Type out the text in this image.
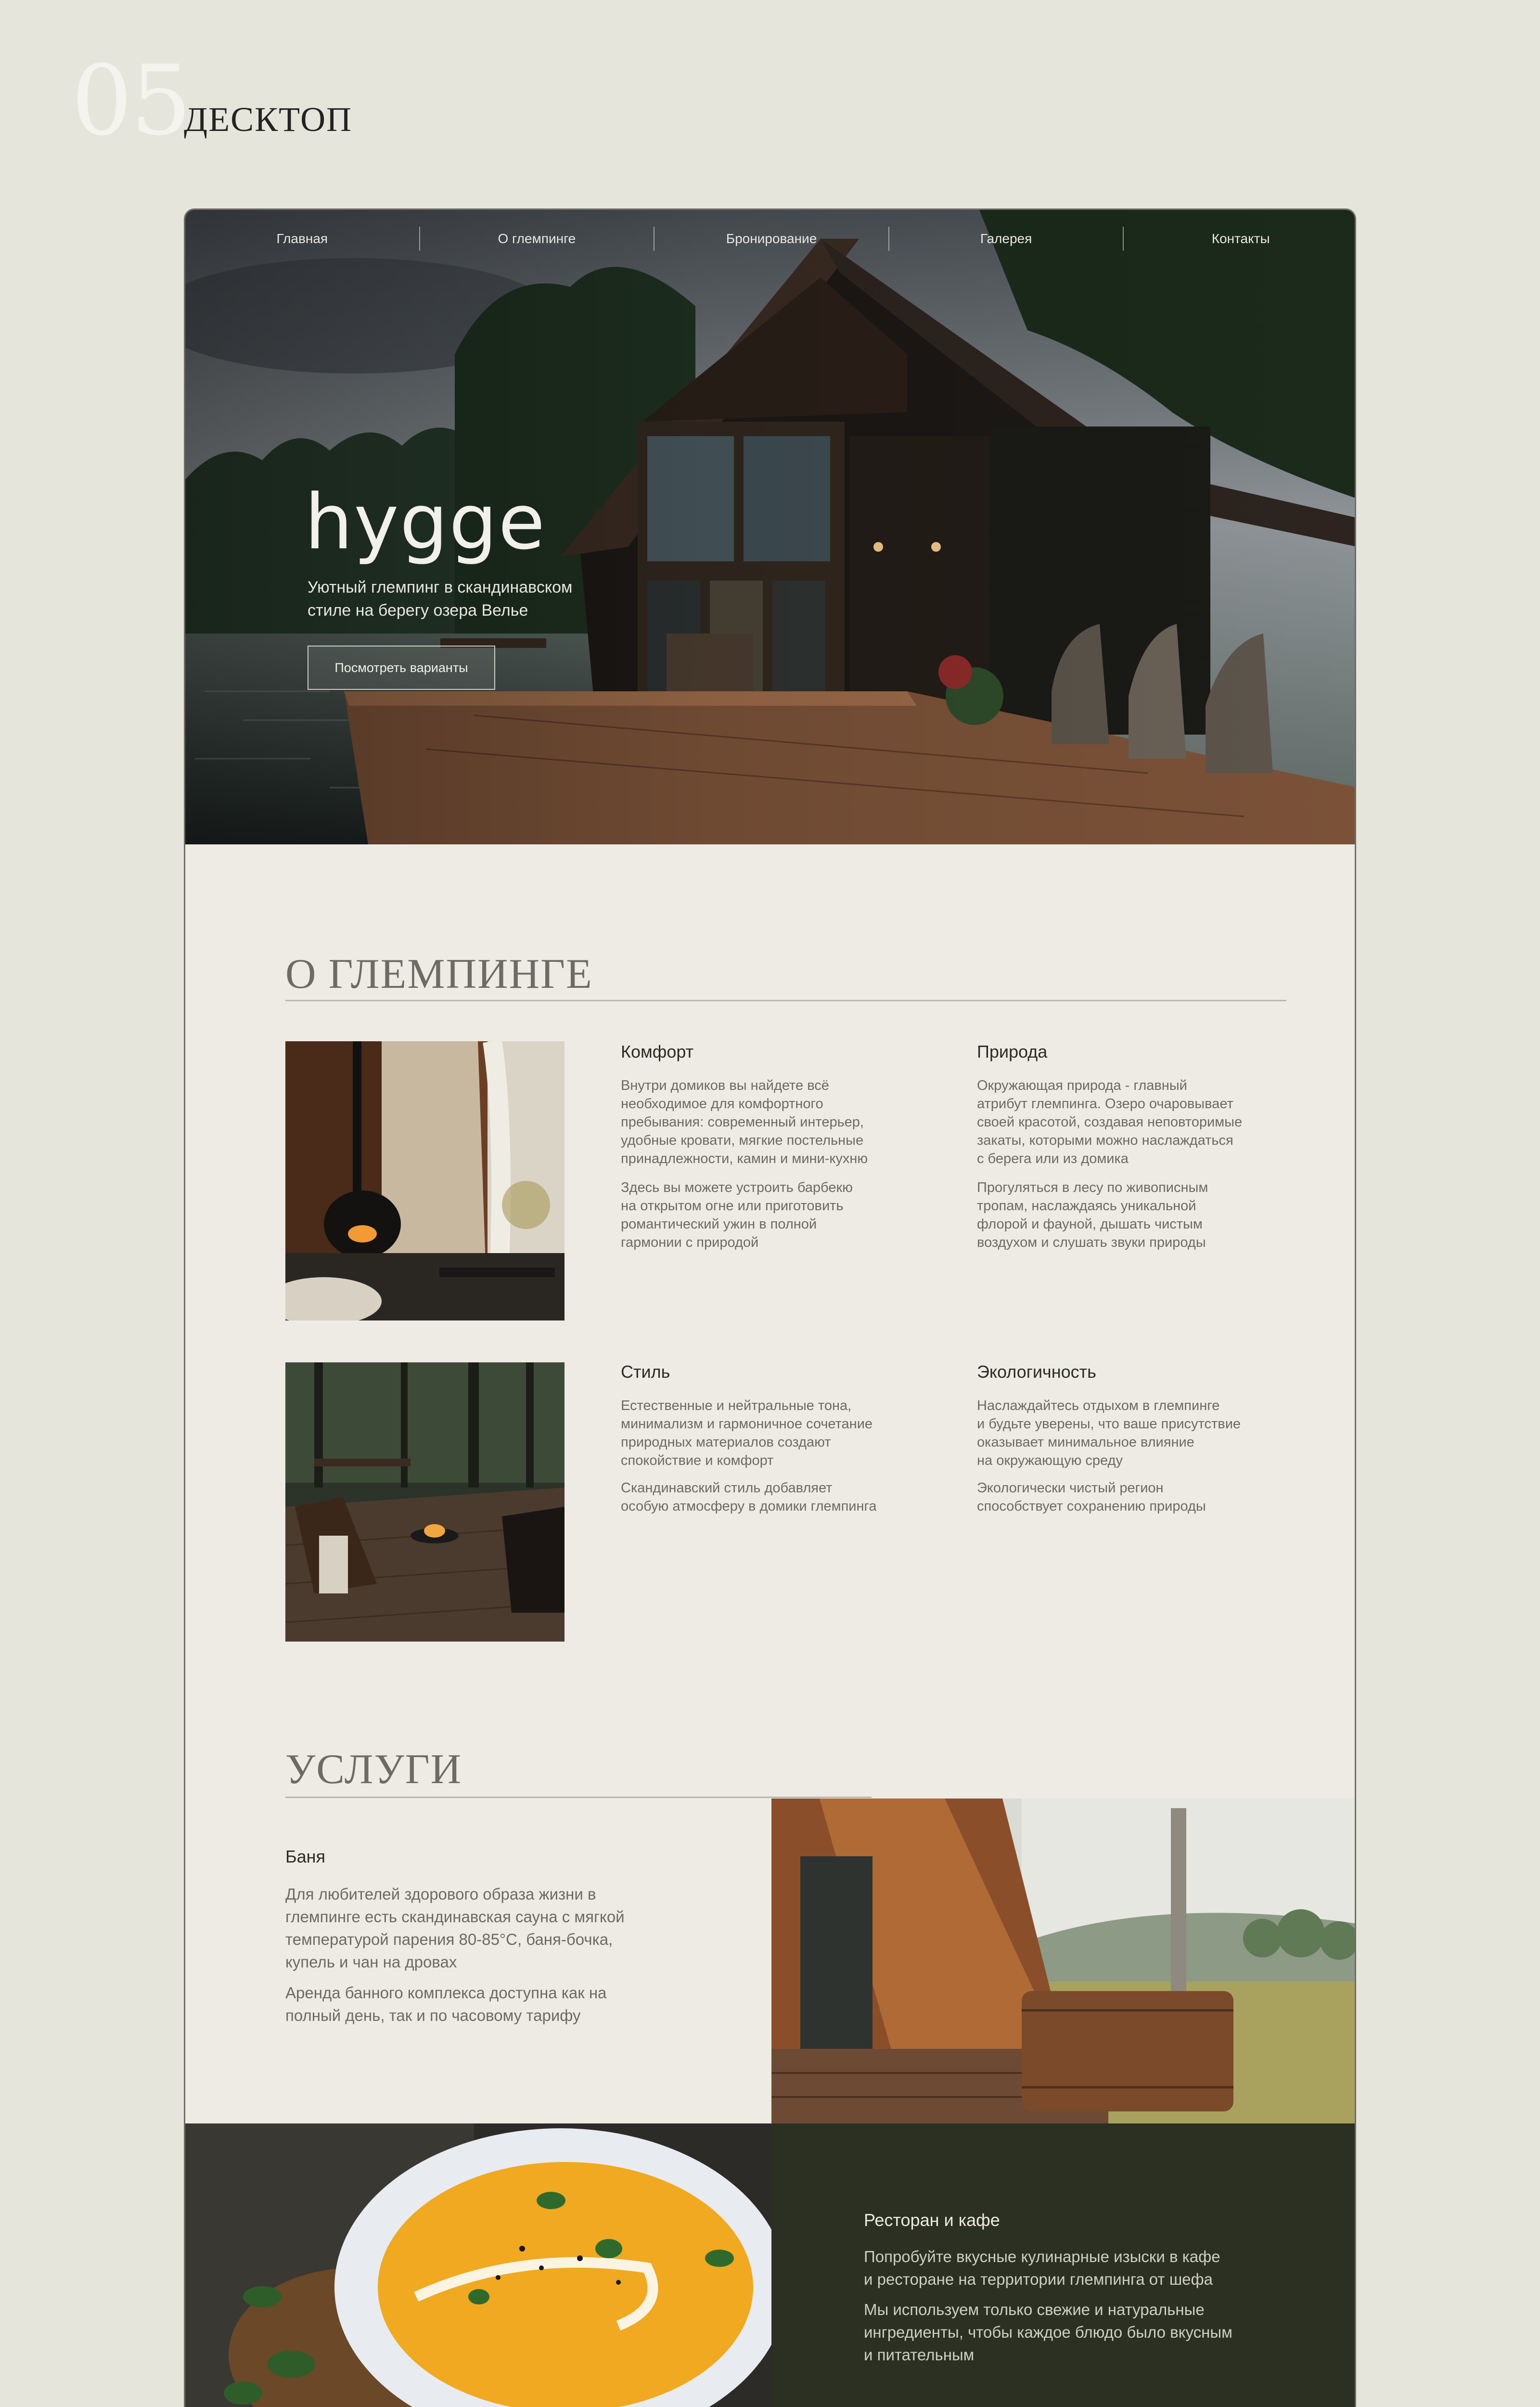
05
ДЕСКТОП
Главная	О глемпинге	Бронирование	Галерея	Контакты
hygge
Уютный глемпинг в скандинавском
стиле на берегу озера Велье
Посмотреть варианты
О ГЛЕМПИНГЕ
Комфорт

Внутри домиков вы найдете всё
необходимое для комфортного
пребывания: современный интерьер,
удобные кровати, мягкие постельные
принадлежности, камин и мини-кухню

Здесь вы можете устроить барбекю
на открытом огне или приготовить
романтический ужин в полной
гармонии с природой

Природа

Окружающая природа - главный
атрибут глемпинга. Озеро очаровывает
своей красотой, создавая неповторимые
закаты, которыми можно наслаждаться
с берега или из домика

Прогуляться в лесу по живописным
тропам, наслаждаясь уникальной
флорой и фауной, дышать чистым
воздухом и слушать звуки природы

Стиль

Естественные и нейтральные тона,
минимализм и гармоничное сочетание
природных материалов создают
спокойствие и комфорт

Скандинавский стиль добавляет
особую атмосферу в домики глемпинга

Экологичность

Наслаждайтесь отдыхом в глемпинге
и будьте уверены, что ваше присутствие
оказывает минимальное влияние
на окружающую среду

Экологически чистый регион
способствует сохранению природы

УСЛУГИ
Баня

Для любителей здорового образа жизни в
глемпинге есть скандинавская сауна с мягкой
температурой парения 80-85°С, баня-бочка,
купель и чан на дровах

Аренда банного комплекса доступна как на
полный день, так и по часовому тарифу

Ресторан и кафе

Попробуйте вкусные кулинарные изыски в кафе
и ресторане на территории глемпинга от шефа

Мы используем только свежие и натуральные
ингредиенты, чтобы каждое блюдо было вкусным
и питательным
